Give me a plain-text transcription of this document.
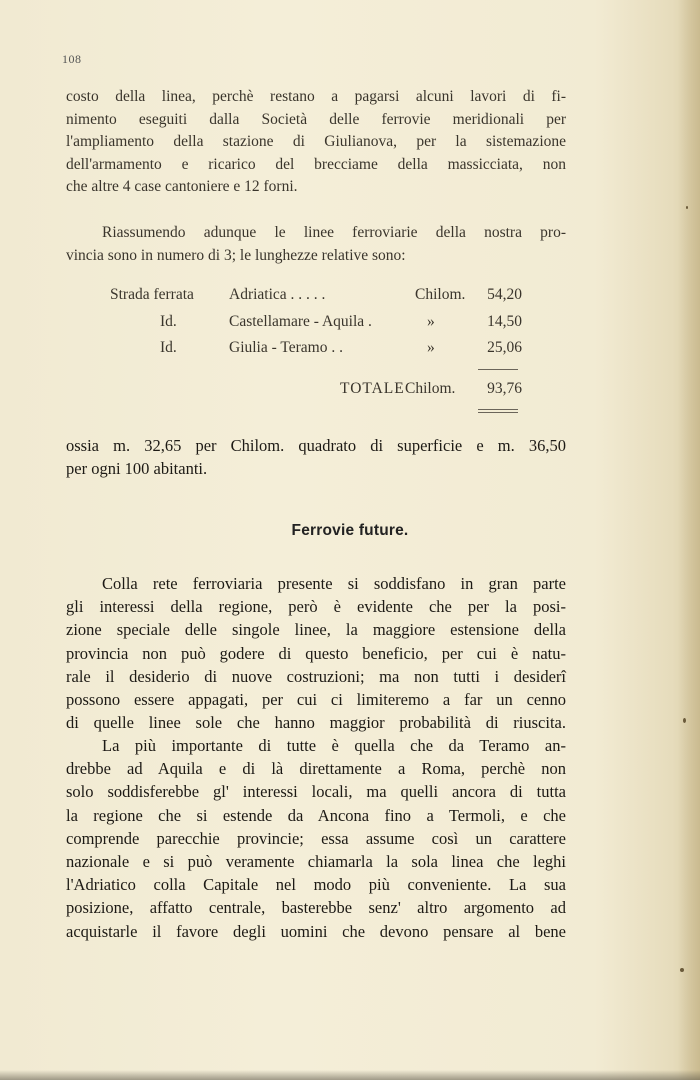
108
costo della linea, perchè restano a pagarsi alcuni lavori di fi-
nimento eseguiti dalla Società delle ferrovie meridionali per
l'ampliamento della stazione di Giulianova, per la sistemazione
dell'armamento e ricarico del brecciame della massicciata, non
che altre 4 case cantoniere e 12 forni.
Riassumendo adunque le linee ferroviarie della nostra pro-
vincia sono in numero di 3; le lunghezze relative sono:
Strada ferrata Adriatica . . . . .	Chilom.	54,20
Id.	Castellamare - Aquila .	»	14,50
Id.	Giulia - Teramo . .	»	25,06
TOTALE Chilom.	93,76
ossia m. 32,65 per Chilom. quadrato di superficie e m. 36,50
per ogni 100 abitanti.
Ferrovie future.
Colla rete ferroviaria presente si soddisfano in gran parte
gli interessi della regione, però è evidente che per la posi-
zione speciale delle singole linee, la maggiore estensione della
provincia non può godere di questo beneficio, per cui è natu-
rale il desiderio di nuove costruzioni; ma non tutti i desiderî
possono essere appagati, per cui ci limiteremo a far un cenno
di quelle linee sole che hanno maggior probabilità di riuscita.
La più importante di tutte è quella che da Teramo an-
drebbe ad Aquila e di là direttamente a Roma, perchè non
solo soddisferebbe gl' interessi locali, ma quelli ancora di tutta
la regione che si estende da Ancona fino a Termoli, e che
comprende parecchie provincie; essa assume così un carattere
nazionale e si può veramente chiamarla la sola linea che leghi
l'Adriatico colla Capitale nel modo più conveniente. La sua
posizione, affatto centrale, basterebbe senz' altro argomento ad
acquistarle il favore degli uomini che devono pensare al bene
